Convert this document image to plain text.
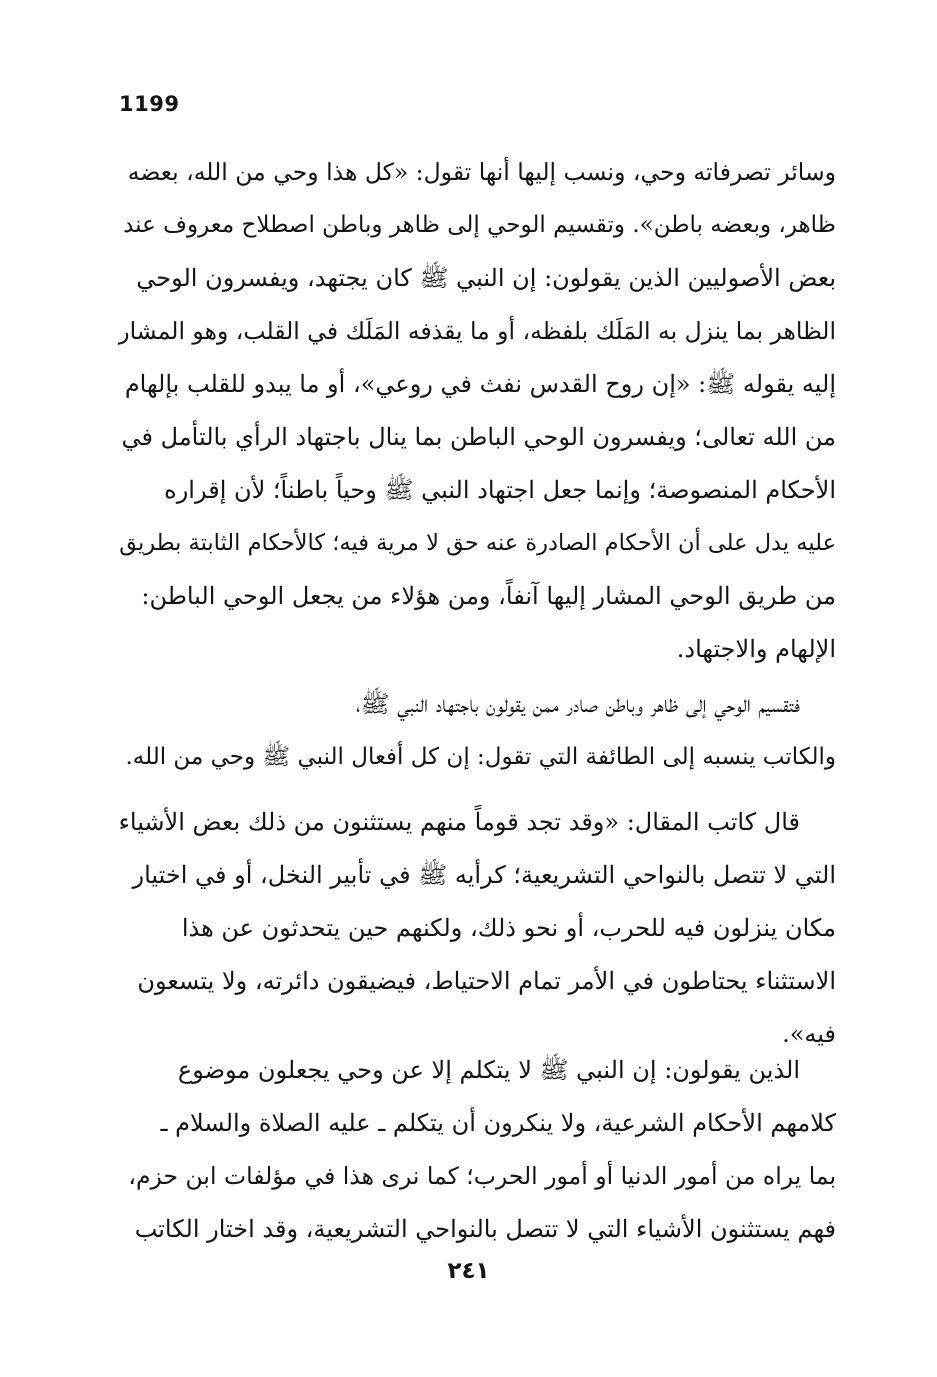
1199
وسائر تصرفاته وحي، ونسب إليها أنها تقول: «كل هذا وحي من الله، بعضه
ظاهر، وبعضه باطن». وتقسيم الوحي إلى ظاهر وباطن اصطلاح معروف عند
بعض الأصوليين الذين يقولون: إن النبي ﷺ كان يجتهد، ويفسرون الوحي
الظاهر بما ينزل به المَلَك بلفظه، أو ما يقذفه المَلَك في القلب، وهو المشار
إليه يقوله ﷺ: «إن روح القدس نفث في روعي»، أو ما يبدو للقلب بإلهام
من الله تعالى؛ ويفسرون الوحي الباطن بما ينال باجتهاد الرأي بالتأمل في
الأحكام المنصوصة؛ وإنما جعل اجتهاد النبي ﷺ وحياً باطناً؛ لأن إقراره
عليه يدل على أن الأحكام الصادرة عنه حق لا مرية فيه؛ كالأحكام الثابتة بطريق
من طريق الوحي المشار إليها آنفاً، ومن هؤلاء من يجعل الوحي الباطن:
الإلهام والاجتهاد.
فتقسيم الوحي إلى ظاهر وباطن صادر ممن يقولون باجتهاد النبي ﷺ،
والكاتب ينسبه إلى الطائفة التي تقول: إن كل أفعال النبي ﷺ وحي من الله.
قال كاتب المقال: «وقد تجد قوماً منهم يستثنون من ذلك بعض الأشياء
التي لا تتصل بالنواحي التشريعية؛ كرأيه ﷺ في تأبير النخل، أو في اختيار
مكان ينزلون فيه للحرب، أو نحو ذلك، ولكنهم حين يتحدثون عن هذا
الاستثناء يحتاطون في الأمر تمام الاحتياط، فيضيقون دائرته، ولا يتسعون
فيه».
الذين يقولون: إن النبي ﷺ لا يتكلم إلا عن وحي يجعلون موضوع
كلامهم الأحكام الشرعية، ولا ينكرون أن يتكلم ـ عليه الصلاة والسلام ـ
بما يراه من أمور الدنيا أو أمور الحرب؛ كما نرى هذا في مؤلفات ابن حزم،
فهم يستثنون الأشياء التي لا تتصل بالنواحي التشريعية، وقد اختار الكاتب
٢٤١
